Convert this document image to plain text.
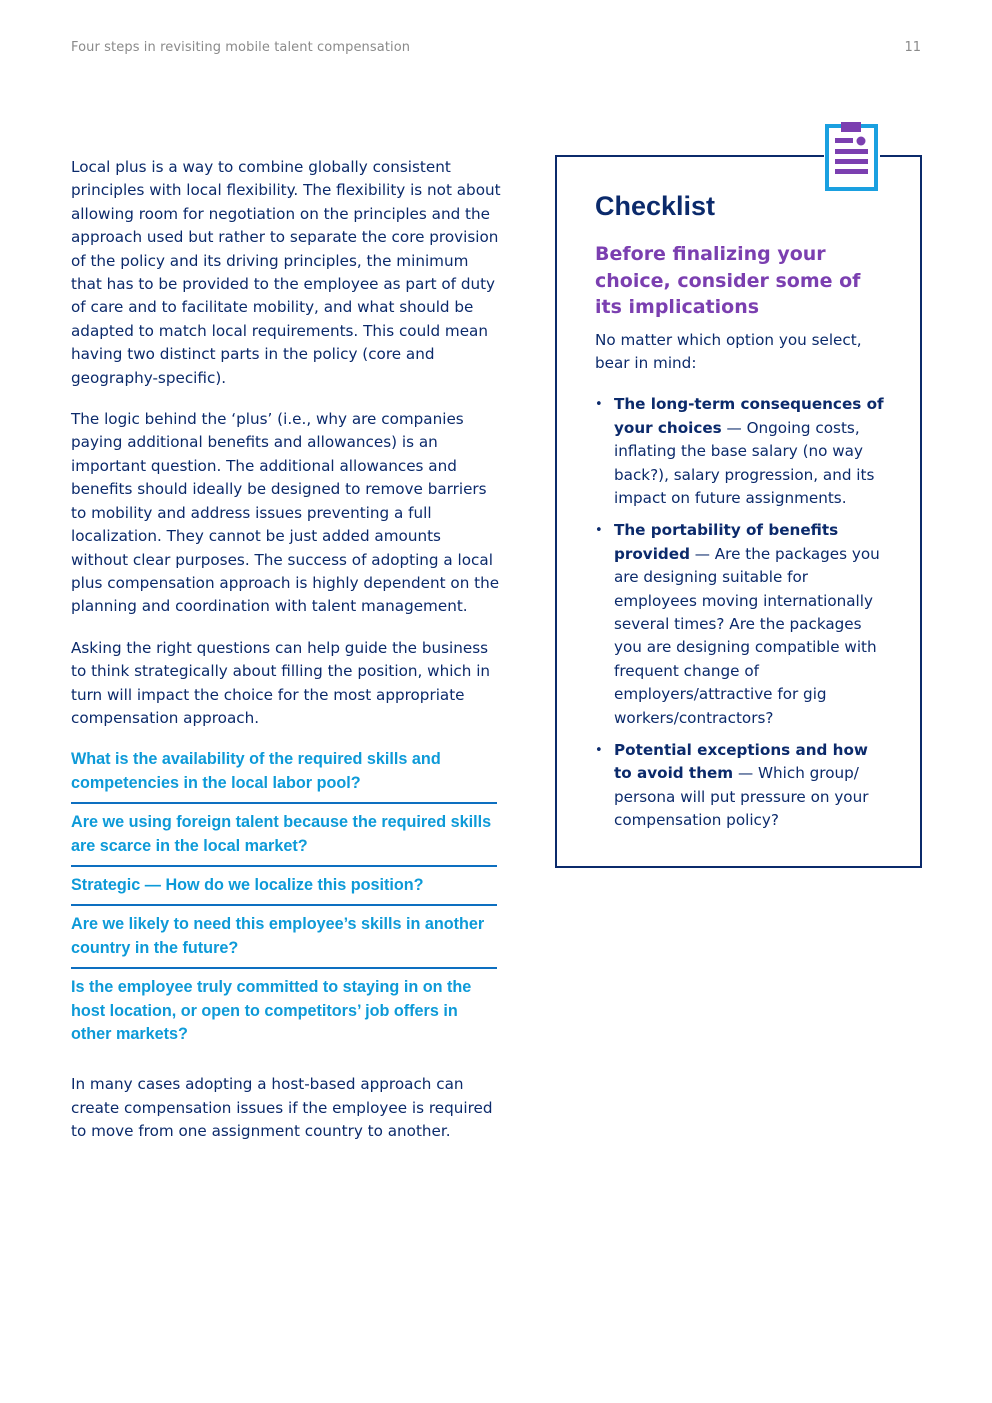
Four steps in revisiting mobile talent compensation	11

Local plus is a way to combine globally consistent principles with local flexibility. The flexibility is not about allowing room for negotiation on the principles and the approach used but rather to separate the core provision of the policy and its driving principles, the minimum that has to be provided to the employee as part of duty of care and to facilitate mobility, and what should be adapted to match local requirements. This could mean having two distinct parts in the policy (core and geography-specific).

The logic behind the ‘plus’ (i.e., why are companies paying additional benefits and allowances) is an important question. The additional allowances and benefits should ideally be designed to remove barriers to mobility and address issues preventing a full localization. They cannot be just added amounts without clear purposes. The success of adopting a local plus compensation approach is highly dependent on the planning and coordination with talent management.

Asking the right questions can help guide the business to think strategically about filling the position, which in turn will impact the choice for the most appropriate compensation approach.

What is the availability of the required skills and competencies in the local labor pool?
Are we using foreign talent because the required skills are scarce in the local market?
Strategic — How do we localize this position?
Are we likely to need this employee’s skills in another country in the future?
Is the employee truly committed to staying in on the host location, or open to competitors’ job offers in other markets?

In many cases adopting a host-based approach can create compensation issues if the employee is required to move from one assignment country to another.

Checklist
Before finalizing your choice, consider some of its implications

No matter which option you select, bear in mind:

• The long-term consequences of your choices — Ongoing costs, inflating the base salary (no way back?), salary progression, and its impact on future assignments.
• The portability of benefits provided — Are the packages you are designing suitable for employees moving internationally several times? Are the packages you are designing compatible with frequent change of employers/attractive for gig workers/contractors?
• Potential exceptions and how to avoid them — Which group/ persona will put pressure on your compensation policy?
